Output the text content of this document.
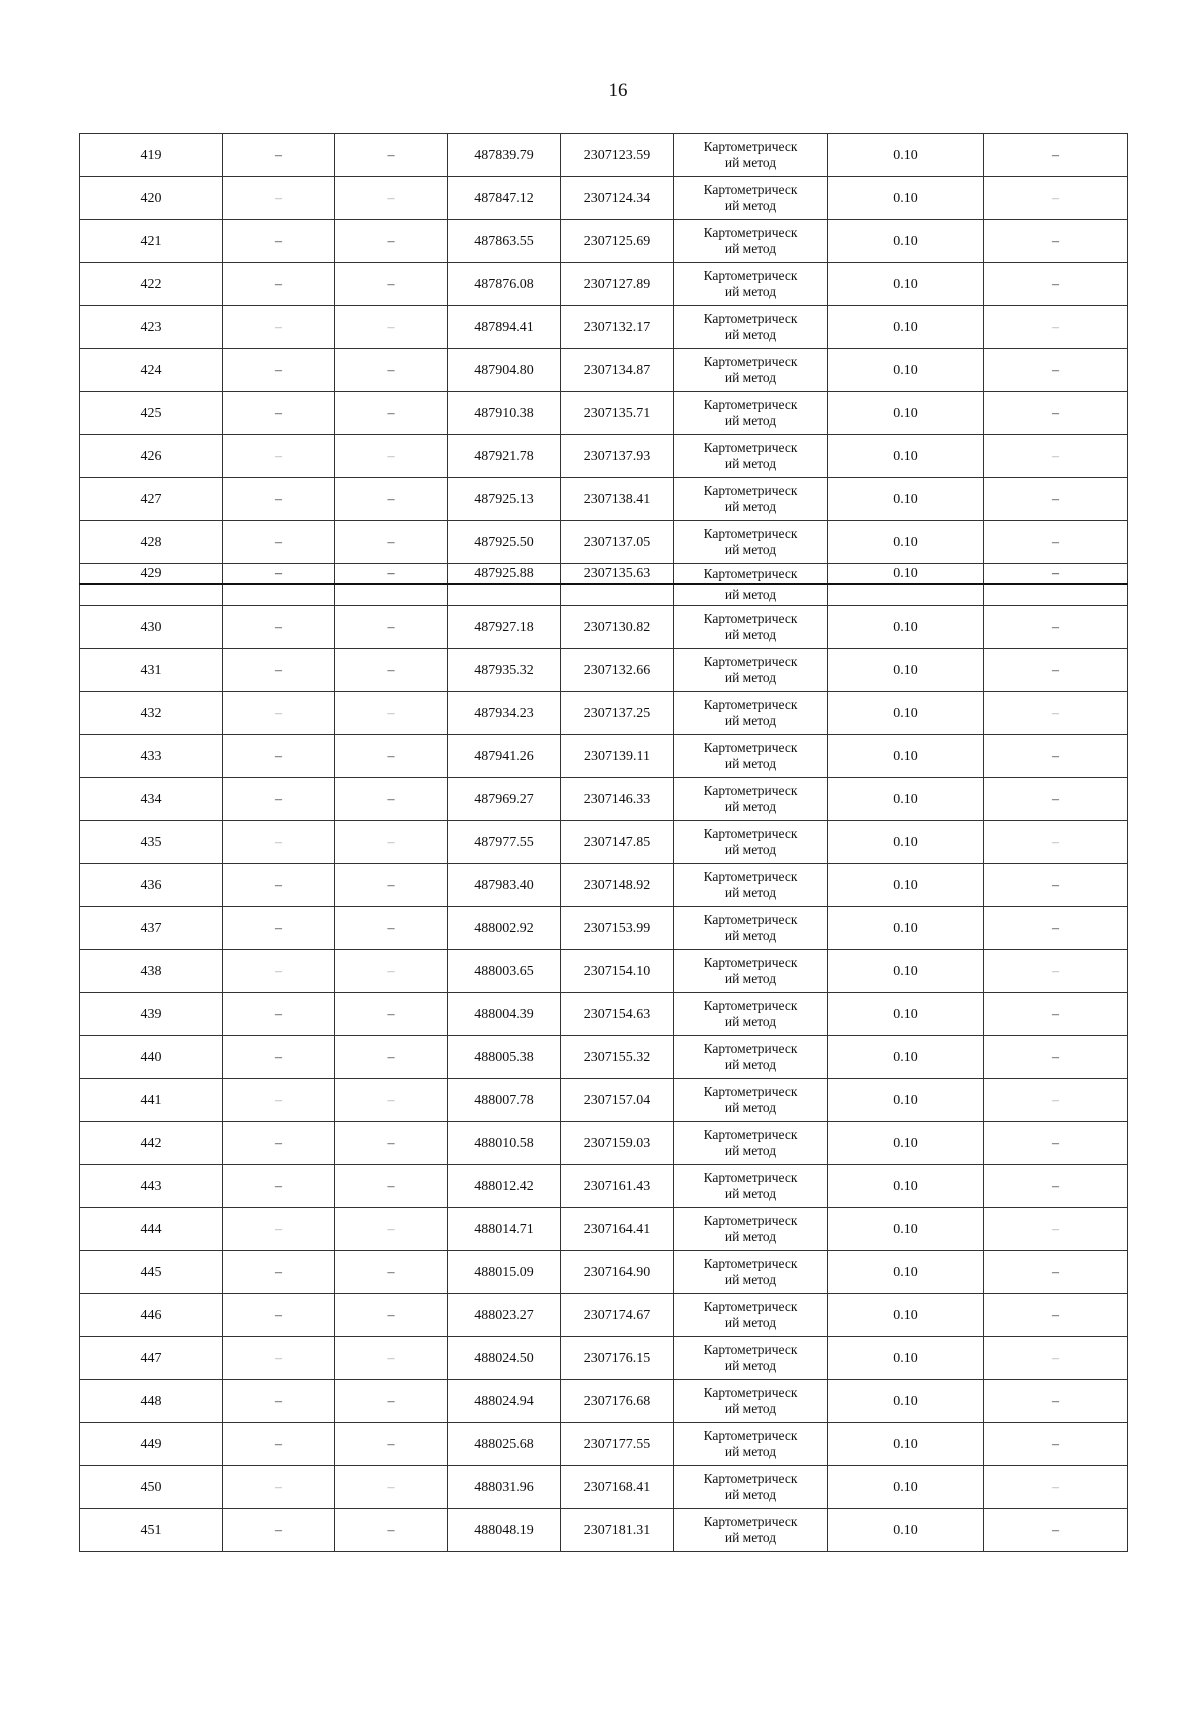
16
419	–	–	487839.79	2307123.59	Картометрическ
ий метод	0.10	–
420	–	–	487847.12	2307124.34	Картометрическ
ий метод	0.10	–
421	–	–	487863.55	2307125.69	Картометрическ
ий метод	0.10	–
422	–	–	487876.08	2307127.89	Картометрическ
ий метод	0.10	–
423	–	–	487894.41	2307132.17	Картометрическ
ий метод	0.10	–
424	–	–	487904.80	2307134.87	Картометрическ
ий метод	0.10	–
425	–	–	487910.38	2307135.71	Картометрическ
ий метод	0.10	–
426	–	–	487921.78	2307137.93	Картометрическ
ий метод	0.10	–
427	–	–	487925.13	2307138.41	Картометрическ
ий метод	0.10	–
428	–	–	487925.50	2307137.05	Картометрическ
ий метод	0.10	–
429	–	–	487925.88	2307135.63	Картометрическ	0.10	–
					ий метод		
430	–	–	487927.18	2307130.82	Картометрическ
ий метод	0.10	–
431	–	–	487935.32	2307132.66	Картометрическ
ий метод	0.10	–
432	–	–	487934.23	2307137.25	Картометрическ
ий метод	0.10	–
433	–	–	487941.26	2307139.11	Картометрическ
ий метод	0.10	–
434	–	–	487969.27	2307146.33	Картометрическ
ий метод	0.10	–
435	–	–	487977.55	2307147.85	Картометрическ
ий метод	0.10	–
436	–	–	487983.40	2307148.92	Картометрическ
ий метод	0.10	–
437	–	–	488002.92	2307153.99	Картометрическ
ий метод	0.10	–
438	–	–	488003.65	2307154.10	Картометрическ
ий метод	0.10	–
439	–	–	488004.39	2307154.63	Картометрическ
ий метод	0.10	–
440	–	–	488005.38	2307155.32	Картометрическ
ий метод	0.10	–
441	–	–	488007.78	2307157.04	Картометрическ
ий метод	0.10	–
442	–	–	488010.58	2307159.03	Картометрическ
ий метод	0.10	–
443	–	–	488012.42	2307161.43	Картометрическ
ий метод	0.10	–
444	–	–	488014.71	2307164.41	Картометрическ
ий метод	0.10	–
445	–	–	488015.09	2307164.90	Картометрическ
ий метод	0.10	–
446	–	–	488023.27	2307174.67	Картометрическ
ий метод	0.10	–
447	–	–	488024.50	2307176.15	Картометрическ
ий метод	0.10	–
448	–	–	488024.94	2307176.68	Картометрическ
ий метод	0.10	–
449	–	–	488025.68	2307177.55	Картометрическ
ий метод	0.10	–
450	–	–	488031.96	2307168.41	Картометрическ
ий метод	0.10	–
451	–	–	488048.19	2307181.31	Картометрическ
ий метод	0.10	–
